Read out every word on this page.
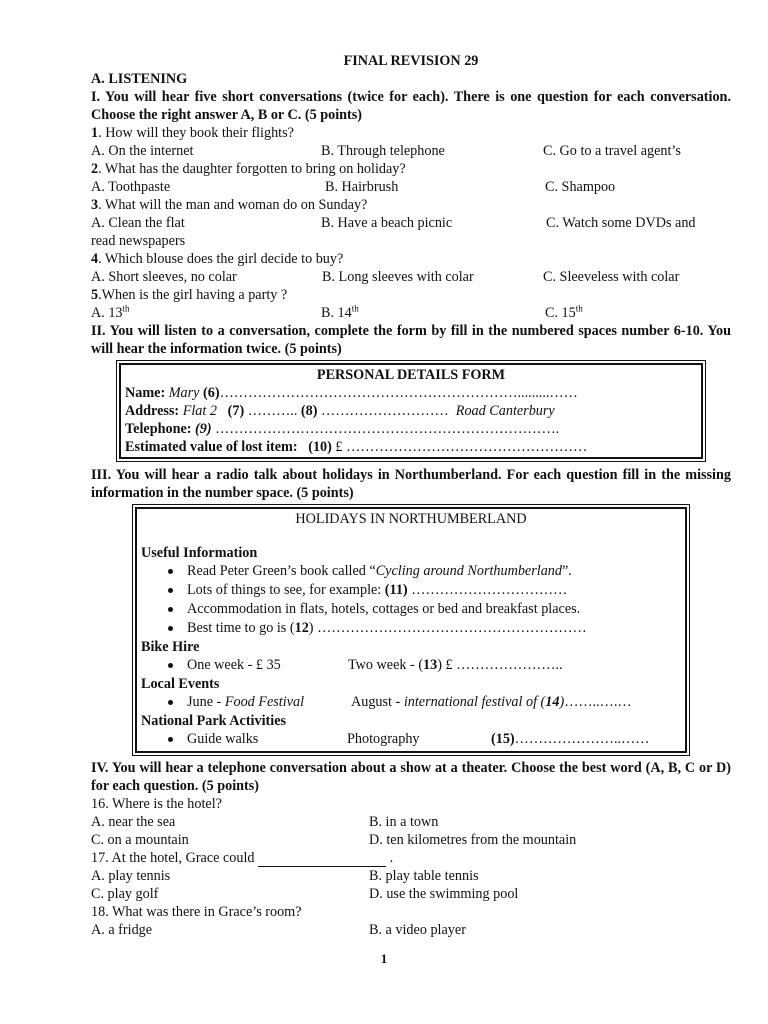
FINAL REVISION 29
A. LISTENING
I. You will hear five short conversations (twice for each). There is one question for each conversation. Choose the right answer A, B or C. (5 points)
1. How will they book their flights?
A. On the internet	B. Through telephone	C. Go to a travel agent’s
2. What has the daughter forgotten to bring on holiday?
A. Toothpaste	B. Hairbrush	C. Shampoo
3. What will the man and woman do on Sunday?
A. Clean the flat	B. Have a beach picnic	C. Watch some DVDs and
read newspapers
4. Which blouse does the girl decide to buy?
A. Short sleeves, no colar	B. Long sleeves with colar	C. Sleeveless with colar
5.When is the girl having a party ?
A. 13th	B. 14th	C. 15th
II. You will listen to a conversation, complete the form by fill in the numbered spaces number 6-10. You will hear the information twice. (5 points)
PERSONAL DETAILS FORM
Name: Mary (6)……………………………………………………….........……
Address: Flat 2 (7) ……….. (8) ……………………… Road Canterbury
Telephone: (9) ……………………………………………………………….
Estimated value of lost item: (10) £ ……………………………………………
III. You will hear a radio talk about holidays in Northumberland. For each question fill in the missing information in the number space. (5 points)
HOLIDAYS IN NORTHUMBERLAND
Useful Information
Read Peter Green’s book called “Cycling around Northumberland”.
Lots of things to see, for example: (11) ……………………………
Accommodation in flats, hotels, cottages or bed and breakfast places.
Best time to go is (12) …………………………………………………
Bike Hire
One week - £ 35	Two week - (13) £ …………………..
Local Events
June - Food Festival	August - international festival of (14)……..….…
National Park Activities
Guide walks	Photography	(15)…………………..……
IV. You will hear a telephone conversation about a show at a theater. Choose the best word (A, B, C or D) for each question. (5 points)
16. Where is the hotel?
A. near the sea	B. in a town
C. on a mountain	D. ten kilometres from the mountain
17. At the hotel, Grace could	.
A. play tennis	B. play table tennis
C. play golf	D. use the swimming pool
18. What was there in Grace’s room?
A. a fridge	B. a video player
1
